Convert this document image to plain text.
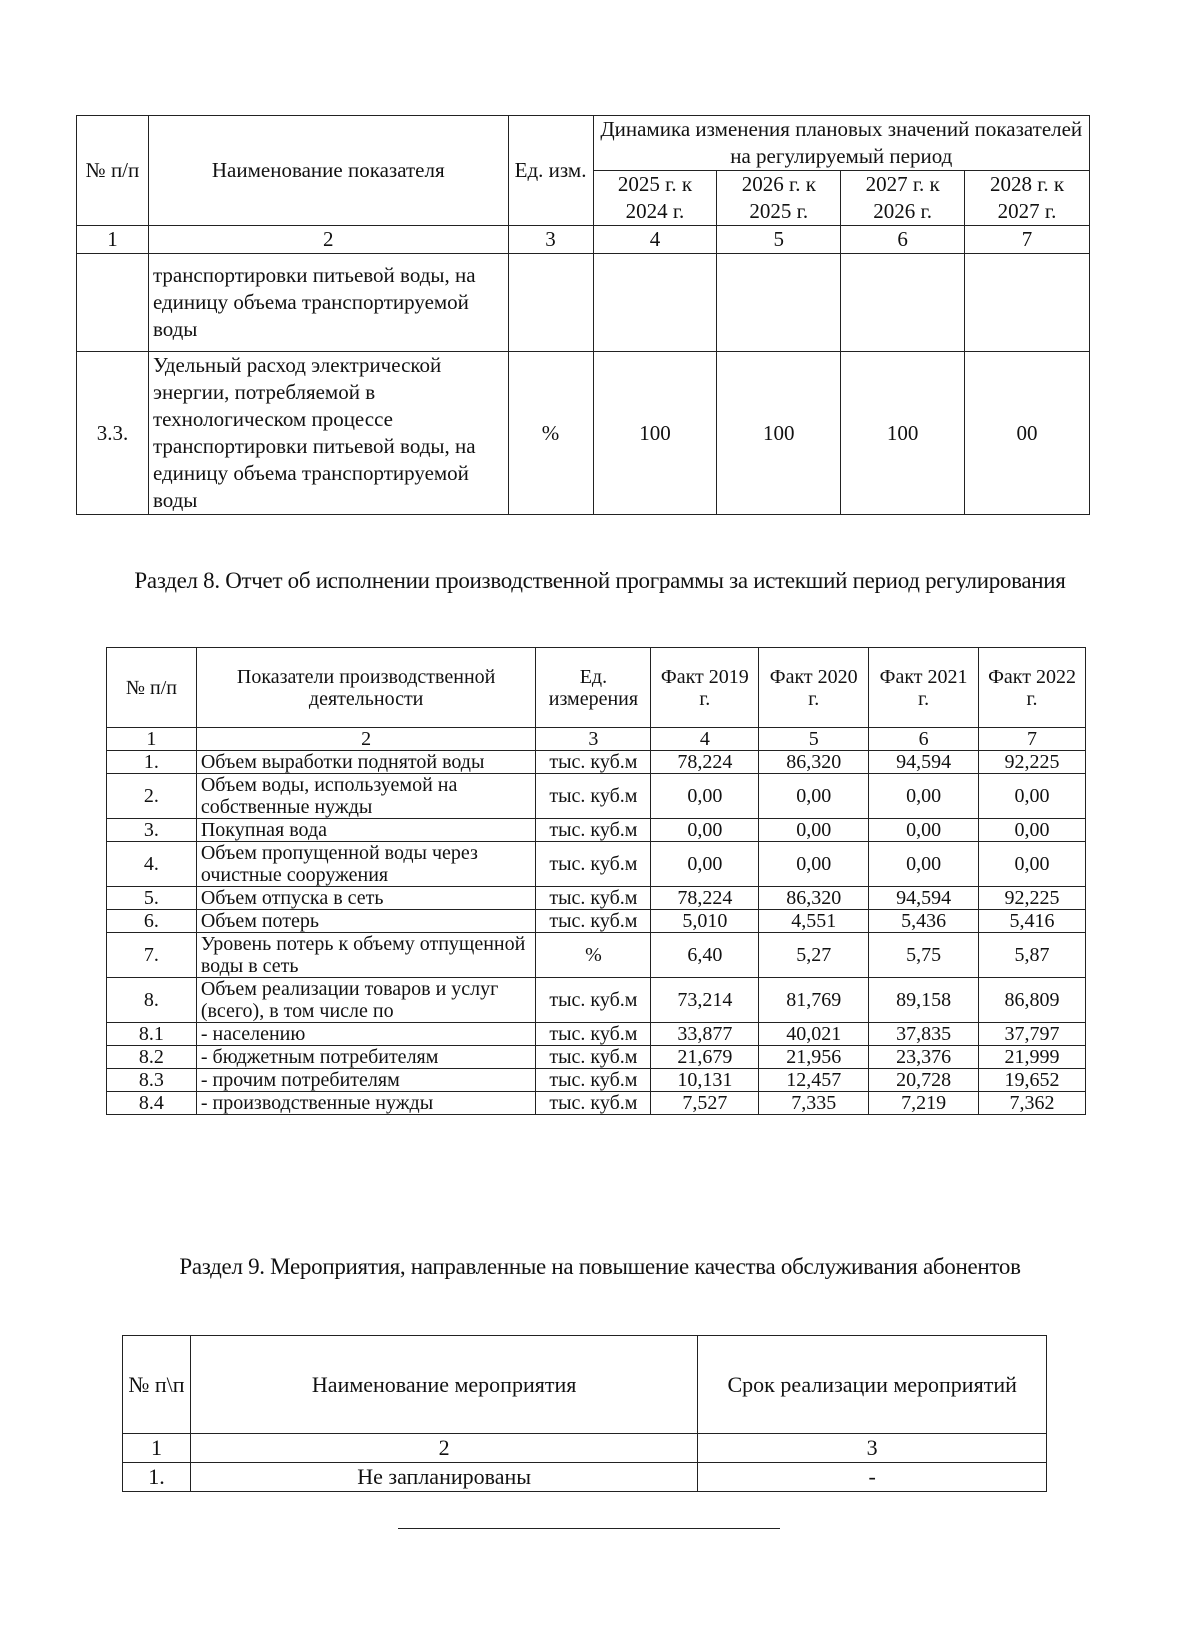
№ п/п	Наименование показателя	Ед. изм.	Динамика изменения плановых значений показателей на регулируемый период			
			2025 г. к 2024 г.	2026 г. к 2025 г.	2027 г. к 2026 г.	2028 г. к 2027 г.
1	2	3	4	5	6	7
	транспортировки питьевой воды, на единицу объема транспортируемой воды					
3.3.	Удельный расход электрической энергии, потребляемой в технологическом процессе транспортировки питьевой воды, на единицу объема транспортируемой воды	%	100	100	100	00
Раздел 8. Отчет об исполнении производственной программы за истекший период регулирования
№ п/п	Показатели производственной деятельности	Ед. измерения	Факт 2019 г.	Факт 2020 г.	Факт 2021 г.	Факт 2022 г.
1	2	3	4	5	6	7
1.	Объем выработки поднятой воды	тыс. куб.м	78,224	86,320	94,594	92,225
2.	Объем воды, используемой на собственные нужды	тыс. куб.м	0,00	0,00	0,00	0,00
3.	Покупная вода	тыс. куб.м	0,00	0,00	0,00	0,00
4.	Объем пропущенной воды через очистные сооружения	тыс. куб.м	0,00	0,00	0,00	0,00
5.	Объем отпуска в сеть	тыс. куб.м	78,224	86,320	94,594	92,225
6.	Объем потерь	тыс. куб.м	5,010	4,551	5,436	5,416
7.	Уровень потерь к объему отпущенной воды в сеть	%	6,40	5,27	5,75	5,87
8.	Объем реализации товаров и услуг (всего), в том числе по	тыс. куб.м	73,214	81,769	89,158	86,809
8.1	- населению	тыс. куб.м	33,877	40,021	37,835	37,797
8.2	- бюджетным потребителям	тыс. куб.м	21,679	21,956	23,376	21,999
8.3	- прочим потребителям	тыс. куб.м	10,131	12,457	20,728	19,652
8.4	- производственные нужды	тыс. куб.м	7,527	7,335	7,219	7,362
Раздел 9. Мероприятия, направленные на повышение качества обслуживания абонентов
№ п\п	Наименование мероприятия	Срок реализации мероприятий
1	2	3
1.	Не запланированы	-
